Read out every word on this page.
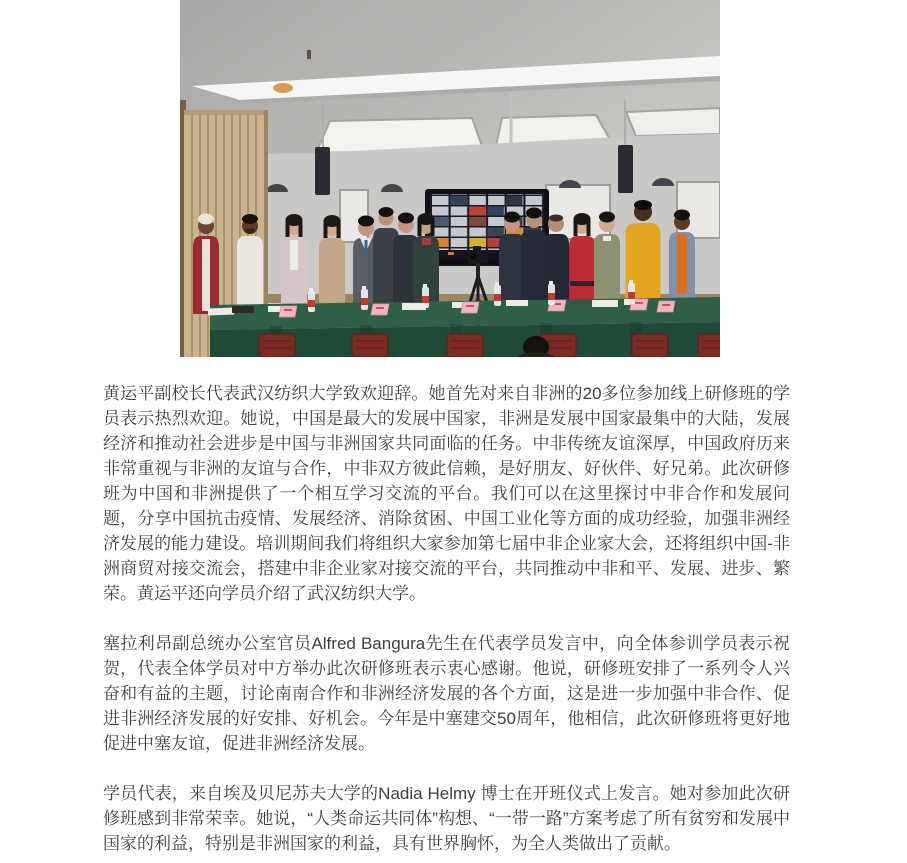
黄运平副校长代表武汉纺织大学致欢迎辞。她首先对来自非洲的20多位参加线上研修班的学员表示热烈欢迎。她说，中国是最大的发展中国家，非洲是发展中国家最集中的大陆，发展经济和推动社会进步是中国与非洲国家共同面临的任务。中非传统友谊深厚，中国政府历来非常重视与非洲的友谊与合作，中非双方彼此信赖，是好朋友、好伙伴、好兄弟。此次研修班为中国和非洲提供了一个相互学习交流的平台。我们可以在这里探讨中非合作和发展问题，分享中国抗击疫情、发展经济、消除贫困、中国工业化等方面的成功经验，加强非洲经济发展的能力建设。培训期间我们将组织大家参加第七届中非企业家大会，还将组织中国-非洲商贸对接交流会，搭建中非企业家对接交流的平台，共同推动中非和平、发展、进步、繁荣。黄运平还向学员介绍了武汉纺织大学。

塞拉利昂副总统办公室官员Alfred Bangura先生在代表学员发言中，向全体参训学员表示祝贺，代表全体学员对中方举办此次研修班表示衷心感谢。他说，研修班安排了一系列令人兴奋和有益的主题，讨论南南合作和非洲经济发展的各个方面，这是进一步加强中非合作、促进非洲经济发展的好安排、好机会。今年是中塞建交50周年，他相信，此次研修班将更好地促进中塞友谊，促进非洲经济发展。

学员代表，来自埃及贝尼苏夫大学的Nadia Helmy 博士在开班仪式上发言。她对参加此次研修班感到非常荣幸。她说，“人类命运共同体”构想、“一带一路”方案考虑了所有贫穷和发展中国家的利益，特别是非洲国家的利益，具有世界胸怀，为全人类做出了贡献。
